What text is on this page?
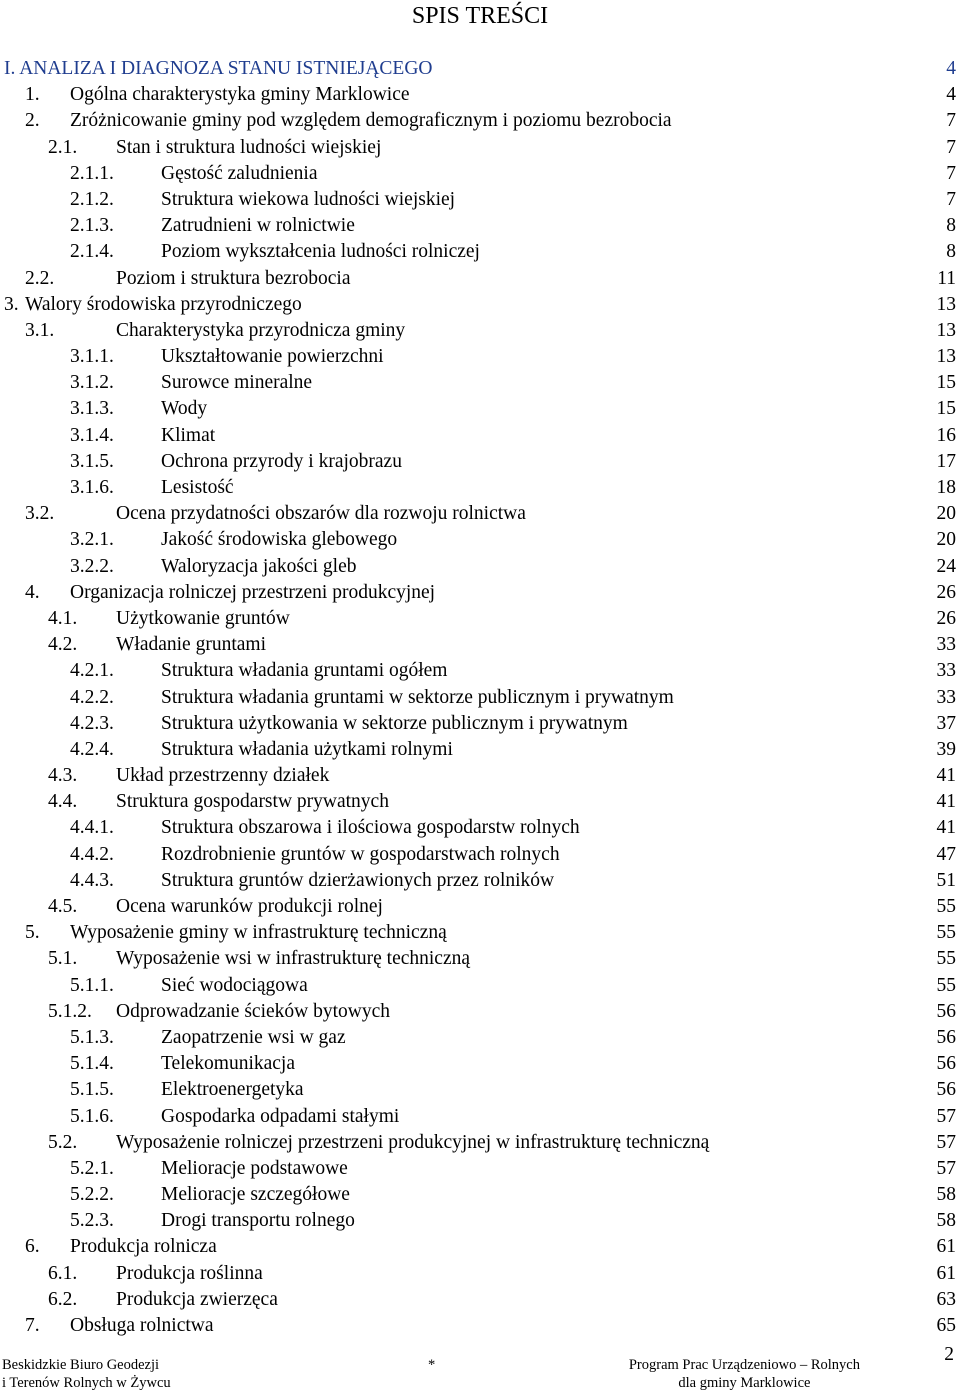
SPIS TREŚCI
I. ANALIZA I DIAGNOZA STANU ISTNIEJĄCEGO	4
1. Ogólna charakterystyka gminy Marklowice	4
2. Zróżnicowanie gminy pod względem demograficznym i poziomu bezrobocia	7
2.1. Stan i struktura ludności wiejskiej	7
2.1.1. Gęstość zaludnienia	7
2.1.2. Struktura wiekowa ludności wiejskiej	7
2.1.3. Zatrudnieni w rolnictwie	8
2.1.4. Poziom wykształcenia ludności rolniczej	8
2.2.	Poziom i struktura bezrobocia	11
3. Walory środowiska przyrodniczego	13
3.1.	Charakterystyka przyrodnicza gminy	13
3.1.1. Ukształtowanie powierzchni	13
3.1.2. Surowce mineralne	15
3.1.3. Wody	15
3.1.4. Klimat	16
3.1.5. Ochrona przyrody i krajobrazu	17
3.1.6. Lesistość	18
3.2.	Ocena przydatności obszarów dla rozwoju rolnictwa	20
3.2.1. Jakość środowiska glebowego	20
3.2.2. Waloryzacja jakości gleb	24
4. Organizacja rolniczej przestrzeni produkcyjnej	26
4.1. Użytkowanie gruntów	26
4.2. Władanie gruntami	33
4.2.1. Struktura władania gruntami ogółem	33
4.2.2. Struktura władania gruntami w sektorze publicznym i prywatnym	33
4.2.3. Struktura użytkowania w sektorze publicznym i prywatnym	37
4.2.4. Struktura władania użytkami rolnymi	39
4.3. Układ przestrzenny działek	41
4.4. Struktura gospodarstw prywatnych	41
4.4.1. Struktura obszarowa i ilościowa gospodarstw rolnych	41
4.4.2. Rozdrobnienie gruntów w gospodarstwach rolnych	47
4.4.3. Struktura gruntów dzierżawionych przez rolników	51
4.5. Ocena warunków produkcji rolnej	55
5. Wyposażenie gminy w infrastrukturę techniczną	55
5.1. Wyposażenie wsi w infrastrukturę techniczną	55
5.1.1. Sieć wodociągowa	55
5.1.2. Odprowadzanie ścieków bytowych	56
5.1.3. Zaopatrzenie wsi w gaz	56
5.1.4. Telekomunikacja	56
5.1.5. Elektroenergetyka	56
5.1.6. Gospodarka odpadami stałymi	57
5.2. Wyposażenie rolniczej przestrzeni produkcyjnej w infrastrukturę techniczną	57
5.2.1. Melioracje podstawowe	57
5.2.2. Melioracje szczegółowe	58
5.2.3. Drogi transportu rolnego	58
6. Produkcja rolnicza	61
6.1. Produkcja roślinna	61
6.2. Produkcja zwierzęca	63
7. Obsługa rolnictwa	65
2
Beskidzkie Biuro Geodezji
i Terenów Rolnych w Żywcu
*	Program Prac Urządzeniowo – Rolnych
dla gminy Marklowice
